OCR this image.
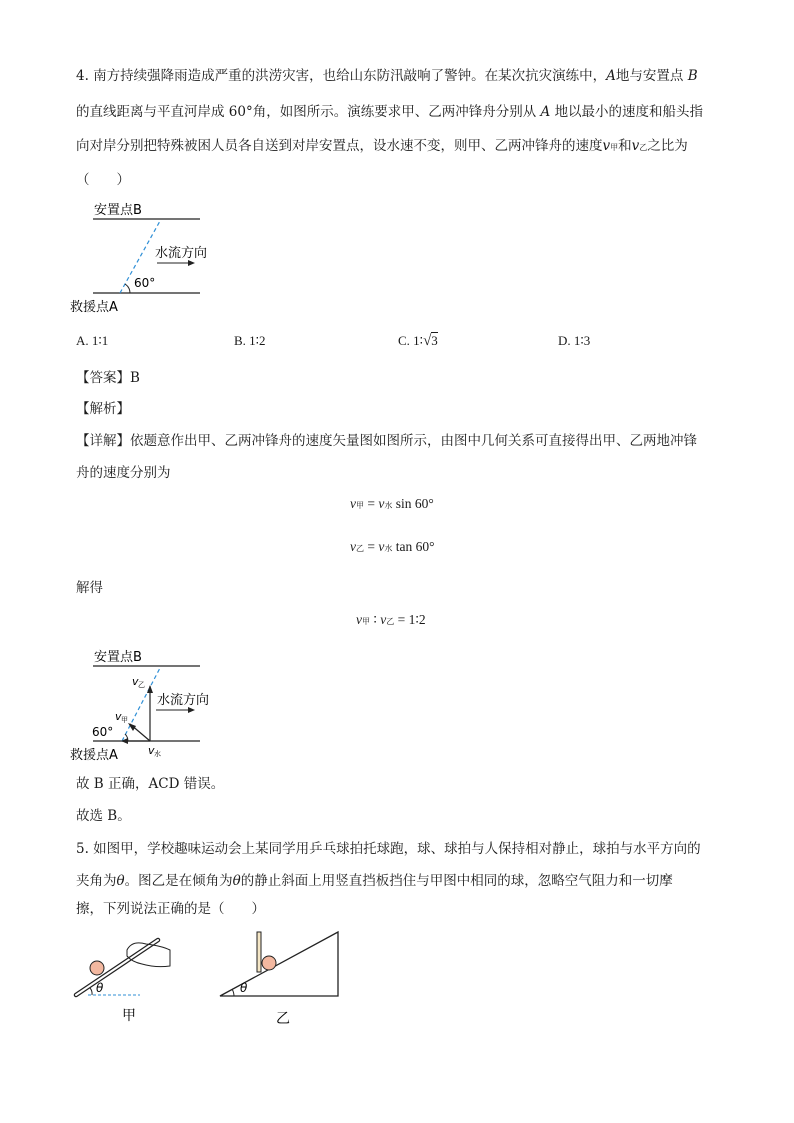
4. 南方持续强降雨造成严重的洪涝灾害，也给山东防汛敲响了警钟。在某次抗灾演练中，A地与安置点 B
的直线距离与平直河岸成 60°角，如图所示。演练要求甲、乙两冲锋舟分别从 A 地以最小的速度和船头指
向对岸分别把特殊被困人员各自送到对岸安置点，设水速不变，则甲、乙两冲锋舟的速度v甲和v乙之比为
（　　）
安置点B
救援点A
水流方向
60°
A. 1∶1	B. 1∶2	C. 1∶√3	D. 1∶3
【答案】B
【解析】
【详解】依题意作出甲、乙两冲锋舟的速度矢量图如图所示，由图中几何关系可直接得出甲、乙两地冲锋
舟的速度分别为
v甲 = v水 sin 60°
v乙 = v水 tan 60°
解得
v甲 ∶ v乙 = 1∶2
安置点B
救援点A
水流方向
60°
v 乙
v 甲
v 水
故 B 正确，ACD 错误。
故选 B。
5. 如图甲，学校趣味运动会上某同学用乒乓球拍托球跑，球、球拍与人保持相对静止，球拍与水平方向的
夹角为θ。图乙是在倾角为θ的静止斜面上用竖直挡板挡住与甲图中相同的球，忽略空气阻力和一切摩
擦，下列说法正确的是（　　）
θ
甲
θ
乙
